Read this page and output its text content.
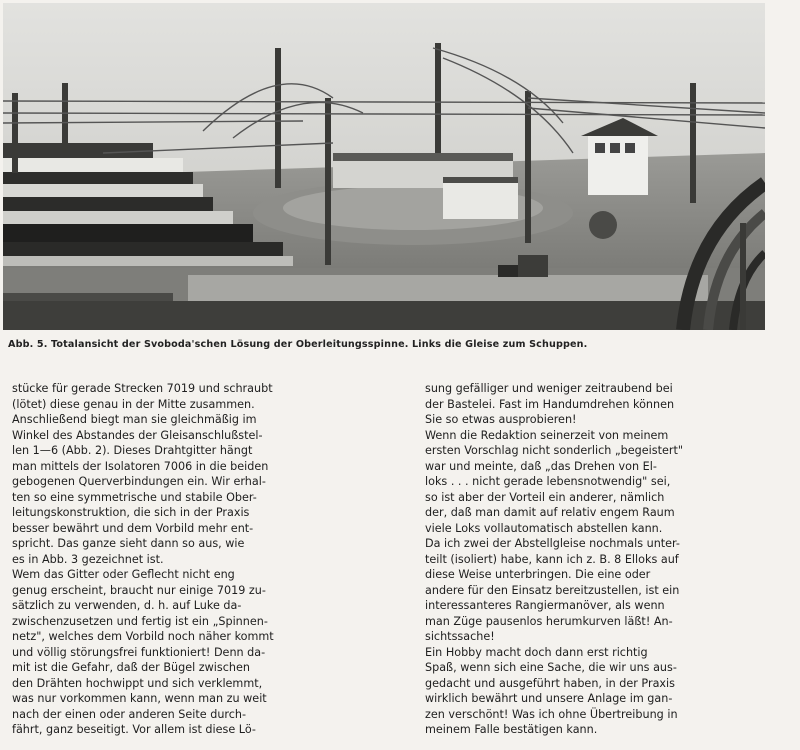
Abb. 5. Totalansicht der Svoboda'schen Lösung der Oberleitungsspinne. Links die Gleise zum Schuppen.
stücke für gerade Strecken 7019 und schraubt
(lötet) diese genau in der Mitte zusammen.
Anschließend biegt man sie gleichmäßig im
Winkel des Abstandes der Gleisanschlußstel-
len 1—6 (Abb. 2). Dieses Drahtgitter hängt
man mittels der Isolatoren 7006 in die beiden
gebogenen Querverbindungen ein. Wir erhal-
ten so eine symmetrische und stabile Ober-
leitungskonstruktion, die sich in der Praxis
besser bewährt und dem Vorbild mehr ent-
spricht. Das ganze sieht dann so aus, wie
es in Abb. 3 gezeichnet ist.
Wem das Gitter oder Geflecht nicht eng
genug erscheint, braucht nur einige 7019 zu-
sätzlich zu verwenden, d. h. auf Luke da-
zwischenzusetzen und fertig ist ein „Spinnen-
netz", welches dem Vorbild noch näher kommt
und völlig störungsfrei funktioniert! Denn da-
mit ist die Gefahr, daß der Bügel zwischen
den Drähten hochwippt und sich verklemmt,
was nur vorkommen kann, wenn man zu weit
nach der einen oder anderen Seite durch-
fährt, ganz beseitigt. Vor allem ist diese Lö-
sung gefälliger und weniger zeitraubend bei
der Bastelei. Fast im Handumdrehen können
Sie so etwas ausprobieren!
Wenn die Redaktion seinerzeit von meinem
ersten Vorschlag nicht sonderlich „begeistert"
war und meinte, daß „das Drehen von El-
loks . . . nicht gerade lebensnotwendig" sei,
so ist aber der Vorteil ein anderer, nämlich
der, daß man damit auf relativ engem Raum
viele Loks vollautomatisch abstellen kann.
Da ich zwei der Abstellgleise nochmals unter-
teilt (isoliert) habe, kann ich z. B. 8 Elloks auf
diese Weise unterbringen. Die eine oder
andere für den Einsatz bereitzustellen, ist ein
interessanteres Rangiermanöver, als wenn
man Züge pausenlos herumkurven läßt! An-
sichtssache!
Ein Hobby macht doch dann erst richtig
Spaß, wenn sich eine Sache, die wir uns aus-
gedacht und ausgeführt haben, in der Praxis
wirklich bewährt und unsere Anlage im gan-
zen verschönt! Was ich ohne Übertreibung in
meinem Falle bestätigen kann.
